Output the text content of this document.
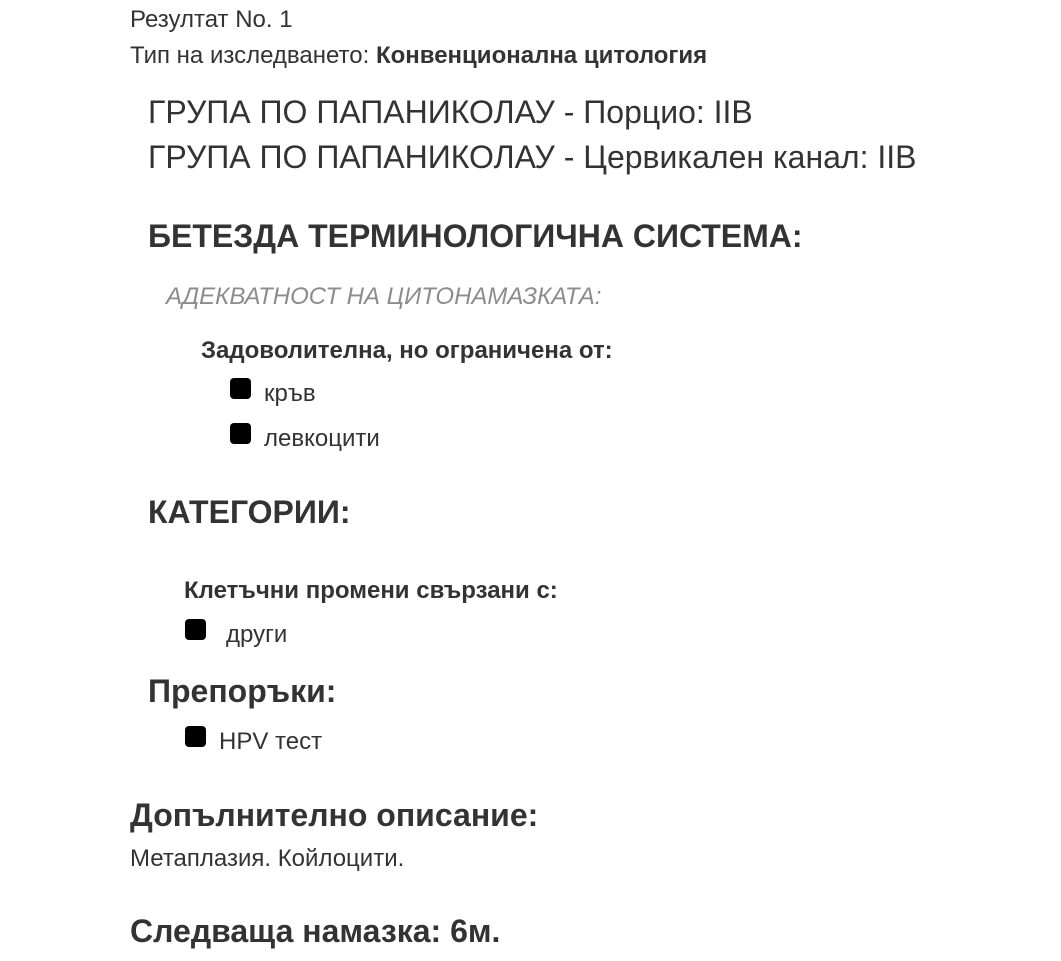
Резултат No. 1
Тип на изследването: Конвенционална цитология
ГРУПА ПО ПАПАНИКОЛАУ - Порцио: IIB
ГРУПА ПО ПАПАНИКОЛАУ - Цервикален канал: IIB
БЕТЕЗДА ТЕРМИНОЛОГИЧНА СИСТЕМА:
АДЕКВАТНОСТ НА ЦИТОНАМАЗКАТА:
Задоволителна, но ограничена от:
кръв
левкоцити
КАТЕГОРИИ:
Клетъчни промени свързани с:
други
Препоръки:
HPV тест
Допълнително описание:
Метаплазия. Койлоцити.
Следваща намазка: 6м.
